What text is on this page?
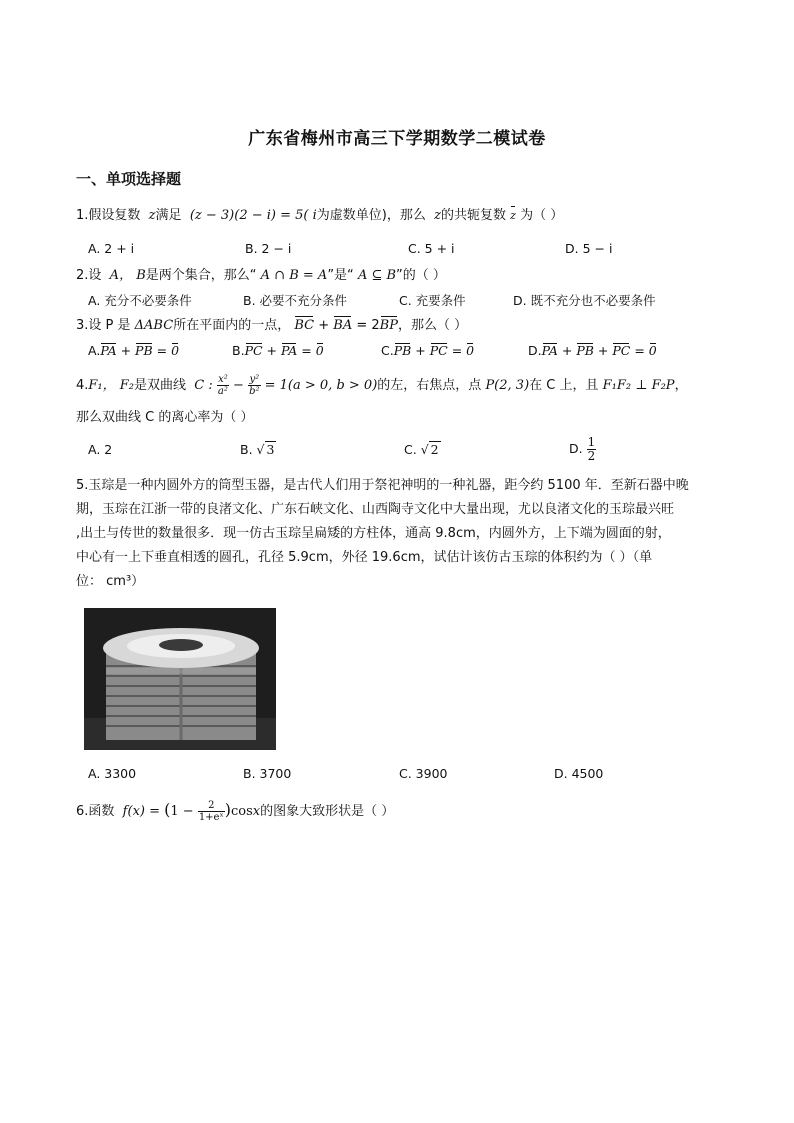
广东省梅州市高三下学期数学二模试卷
一、单项选择题
1.假设复数  z满足  (z − 3)(2 − i) = 5( i为虚数单位)，那么  z的共轭复数 z 为（ ）
A. 2 + i	B. 2 − i	C. 5 + i	D. 5 − i
2.设  A， B是两个集合，那么“ A ∩ B = A”是“ A ⊆ B”的（ ）
A. 充分不必要条件	B. 必要不充分条件	C. 充要条件	D. 既不充分也不必要条件
3.设 P 是 ΔABC所在平面内的一点， BC + BA = 2BP，那么（ ）
A.PA + PB = 0	B.PC + PA = 0	C.PB + PC = 0	D.PA + PB + PC = 0
4.F₁， F₂是双曲线  C : $\frac{\text{x²}}{\text{a²}} - \frac{\text{y²}}{\text{b²}} = 1(a > 0$, b > 0)的左，右焦点，点 P(2, 3)在 C 上，且 F₁F₂ ⊥ F₂P，
那么双曲线 C 的离心率为（ ）
A. 2	B. √ 3	C. √ 2	D. $\frac{1}{2}$
5.玉琮是一种内圆外方的筒型玉器，是古代人们用于祭祀神明的一种礼器，距今约 5100 年．至新石器中晚
期，玉琮在江浙一带的良渚文化、广东石峡文化、山西陶寺文化中大量出现，尤以良渚文化的玉琮最兴旺
,出土与传世的数量很多．现一仿古玉琮呈扁矮的方柱体，通高 9.8cm，内圆外方，上下端为圆面的射，
中心有一上下垂直相透的圆孔，孔径 5.9cm，外径 19.6cm，试估计该仿古玉琮的体积约为（ ）（单
位： cm³）
A. 3300	B. 3700	C. 3900	D. 4500
6.函数  $f(x) = (1 - \frac{2}{\text{1+eˣ}} )\cos x$的图象大致形状是（ ）
